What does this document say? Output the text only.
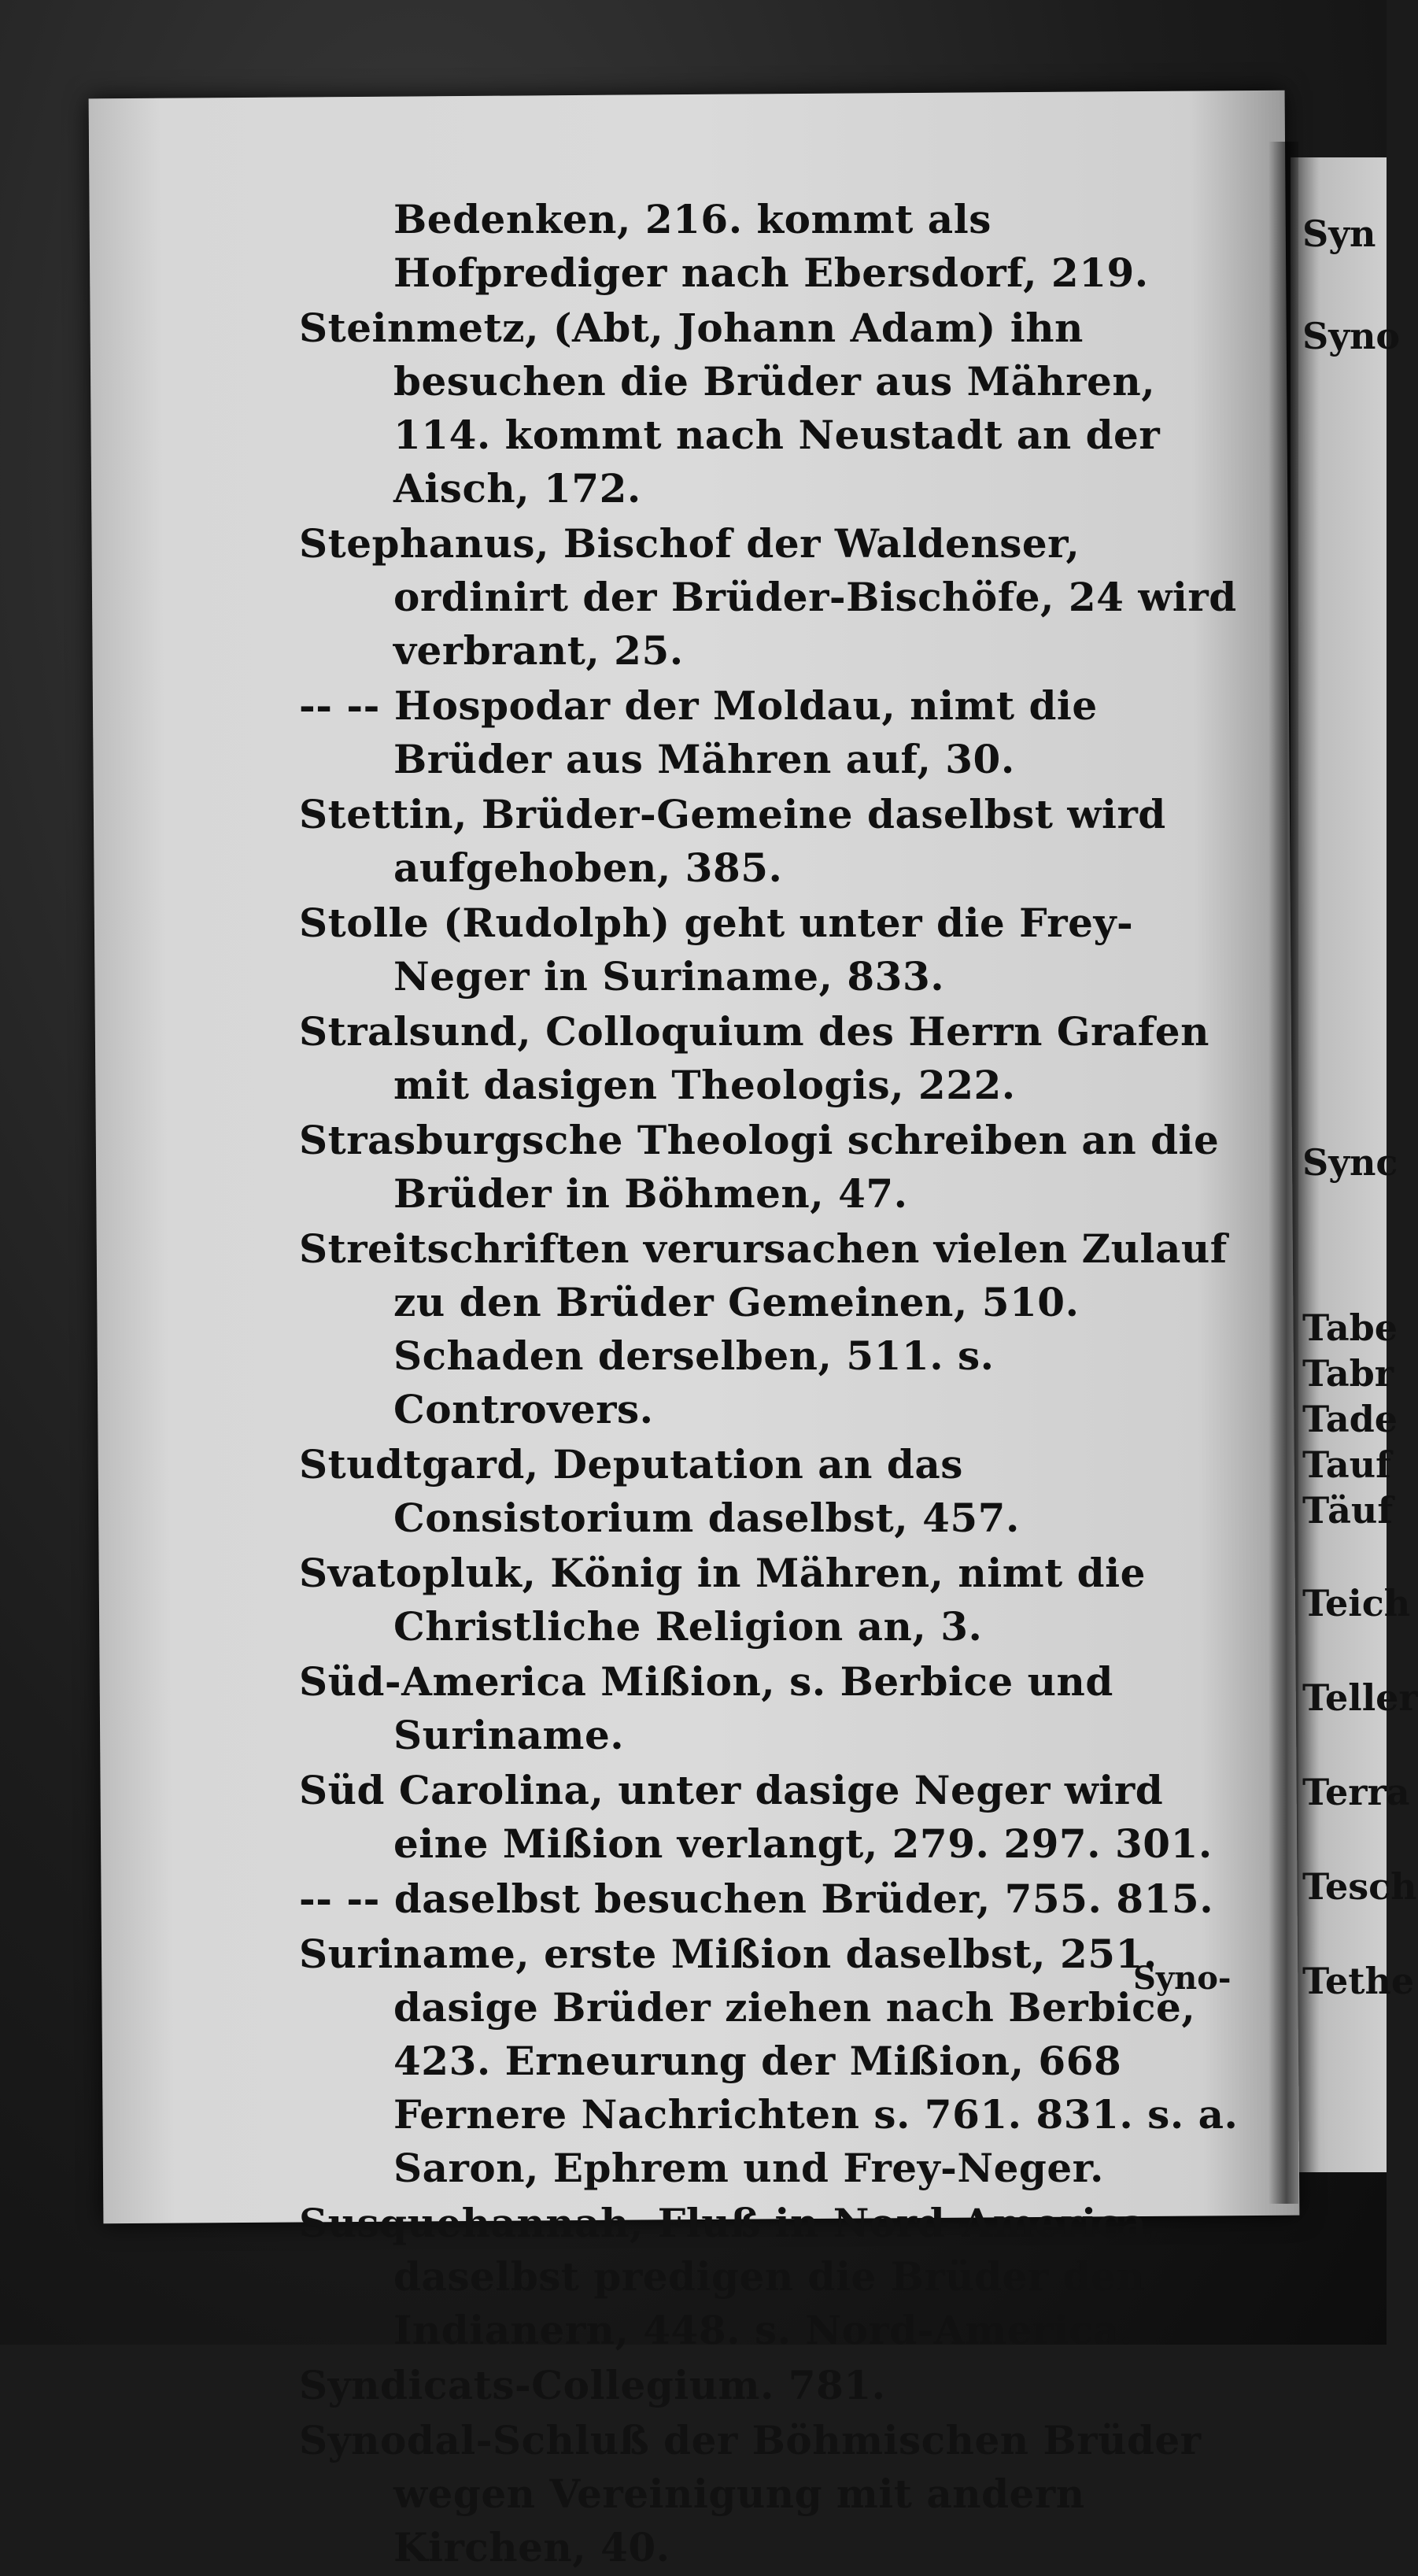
Bedenken, 216. kommt als Hofprediger nach Ebersdorf, 219.
Steinmetz, (Abt, Johann Adam) ihn besuchen die Brüder aus Mähren, 114. kommt nach Neustadt an der Aisch, 172.
Stephanus, Bischof der Waldenser, ordinirt der Brüder-Bischöfe, 24 wird verbrant, 25.
-- -- Hospodar der Moldau, nimt die Brüder aus Mähren auf, 30.
Stettin, Brüder-Gemeine daselbst wird aufgehoben, 385.
Stolle (Rudolph) geht unter die Frey-Neger in Suriname, 833.
Stralsund, Colloquium des Herrn Grafen mit dasigen Theologis, 222.
Strasburgsche Theologi schreiben an die Brüder in Böhmen, 47.
Streitschriften verursachen vielen Zulauf zu den Brüder Gemeinen, 510. Schaden derselben, 511. s. Controvers.
Studtgard, Deputation an das Consistorium daselbst, 457.
Svatopluk, König in Mähren, nimt die Christliche Religion an, 3.
Süd-America Mißion, s. Berbice und Suriname.
Süd Carolina, unter dasige Neger wird eine Mißion verlangt, 279. 297. 301.
-- -- daselbst besuchen Brüder, 755. 815.
Suriname, erste Mißion daselbst, 251. dasige Brüder ziehen nach Berbice, 423. Erneurung der Mißion, 668 Fernere Nachrichten s. 761. 831. s. a. Saron, Ephrem und Frey-Neger.
Susquehannah, Fluß in Nord-America, daselbst predigen die Brüder den Indianern, 448. s. Nord-America.
Syndicats-Collegium. 781.
Synodal-Schluß der Böhmischen Brüder wegen Vereinigung mit andern Kirchen, 40.
Syno-
Syn
Syno
Sync
Tabe
Tabr
Tade
Tauf
Täuf
Teich
Teller
Terra
Tesch
Tethe
